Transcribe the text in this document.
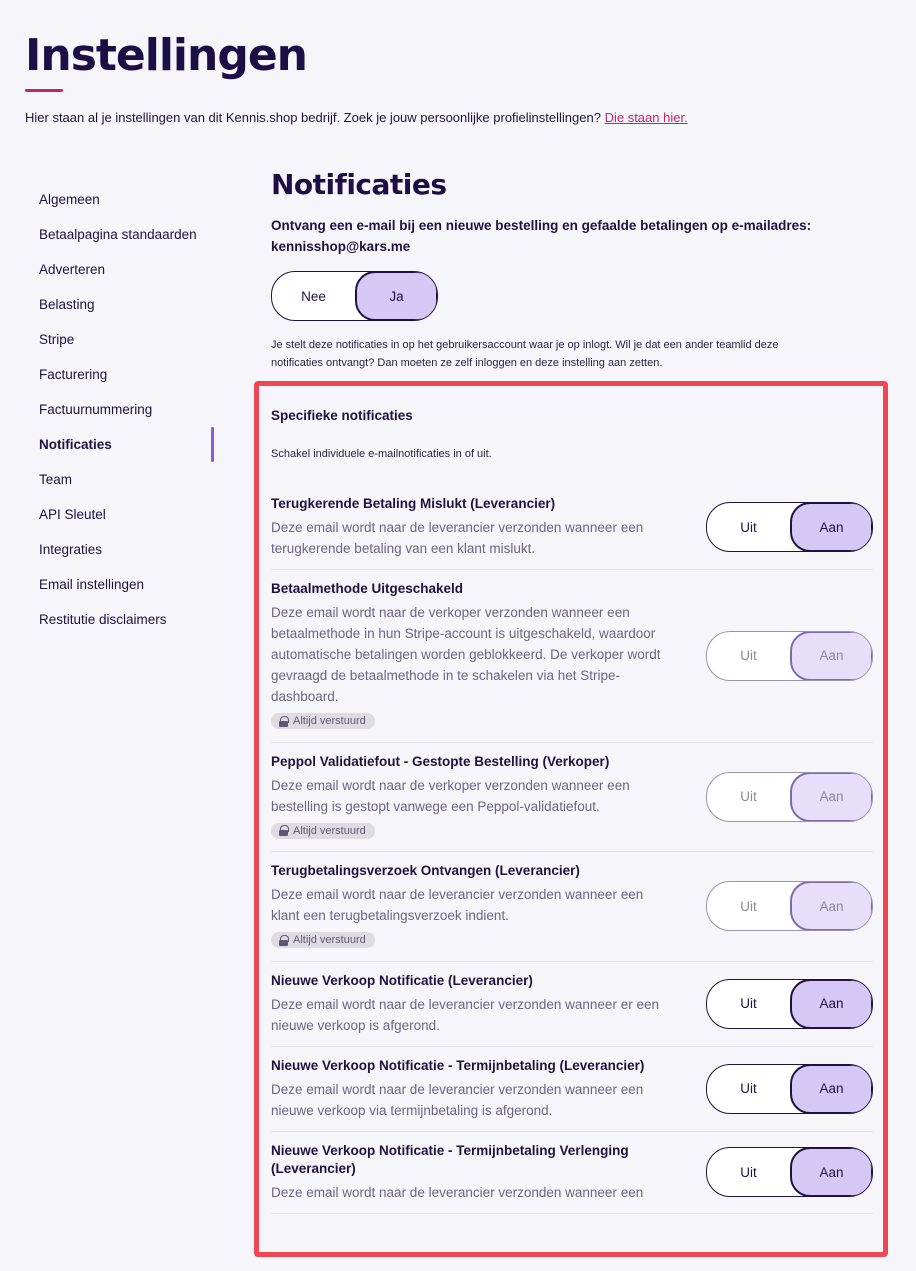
Instellingen

Hier staan al je instellingen van dit Kennis.shop bedrijf. Zoek je jouw persoonlijke profielinstellingen? Die staan hier.

Algemeen
Betaalpagina standaarden
Adverteren
Belasting
Stripe
Facturering
Factuurnummering
Notificaties
Team
API Sleutel
Integraties
Email instellingen
Restitutie disclaimers
Notificaties

Ontvang een e-mail bij een nieuwe bestelling en gefaalde betalingen op e-mailadres:
kennisshop@kars.me

Nee	Ja

Je stelt deze notificaties in op het gebruikersaccount waar je op inlogt. Wil je dat een ander teamlid deze notificaties ontvangt? Dan moeten ze zelf inloggen en deze instelling aan zetten.

Specifieke notificaties

Schakel individuele e-mailnotificaties in of uit.

Terugkerende Betaling Mislukt (Leverancier)
Deze email wordt naar de leverancier verzonden wanneer een terugkerende betaling van een klant mislukt.
Uit	Aan
Betaalmethode Uitgeschakeld
Deze email wordt naar de verkoper verzonden wanneer een betaalmethode in hun Stripe-account is uitgeschakeld, waardoor automatische betalingen worden geblokkeerd. De verkoper wordt gevraagd de betaalmethode in te schakelen via het Stripe-dashboard.
Altijd verstuurd
Uit	Aan
Peppol Validatiefout - Gestopte Bestelling (Verkoper)
Deze email wordt naar de verkoper verzonden wanneer een bestelling is gestopt vanwege een Peppol-validatiefout.
Altijd verstuurd
Uit	Aan
Terugbetalingsverzoek Ontvangen (Leverancier)
Deze email wordt naar de leverancier verzonden wanneer een klant een terugbetalingsverzoek indient.
Altijd verstuurd
Uit	Aan
Nieuwe Verkoop Notificatie (Leverancier)
Deze email wordt naar de leverancier verzonden wanneer er een nieuwe verkoop is afgerond.
Uit	Aan
Nieuwe Verkoop Notificatie - Termijnbetaling (Leverancier)
Deze email wordt naar de leverancier verzonden wanneer een nieuwe verkoop via termijnbetaling is afgerond.
Uit	Aan
Nieuwe Verkoop Notificatie - Termijnbetaling Verlenging (Leverancier)
Deze email wordt naar de leverancier verzonden wanneer een
Uit	Aan
